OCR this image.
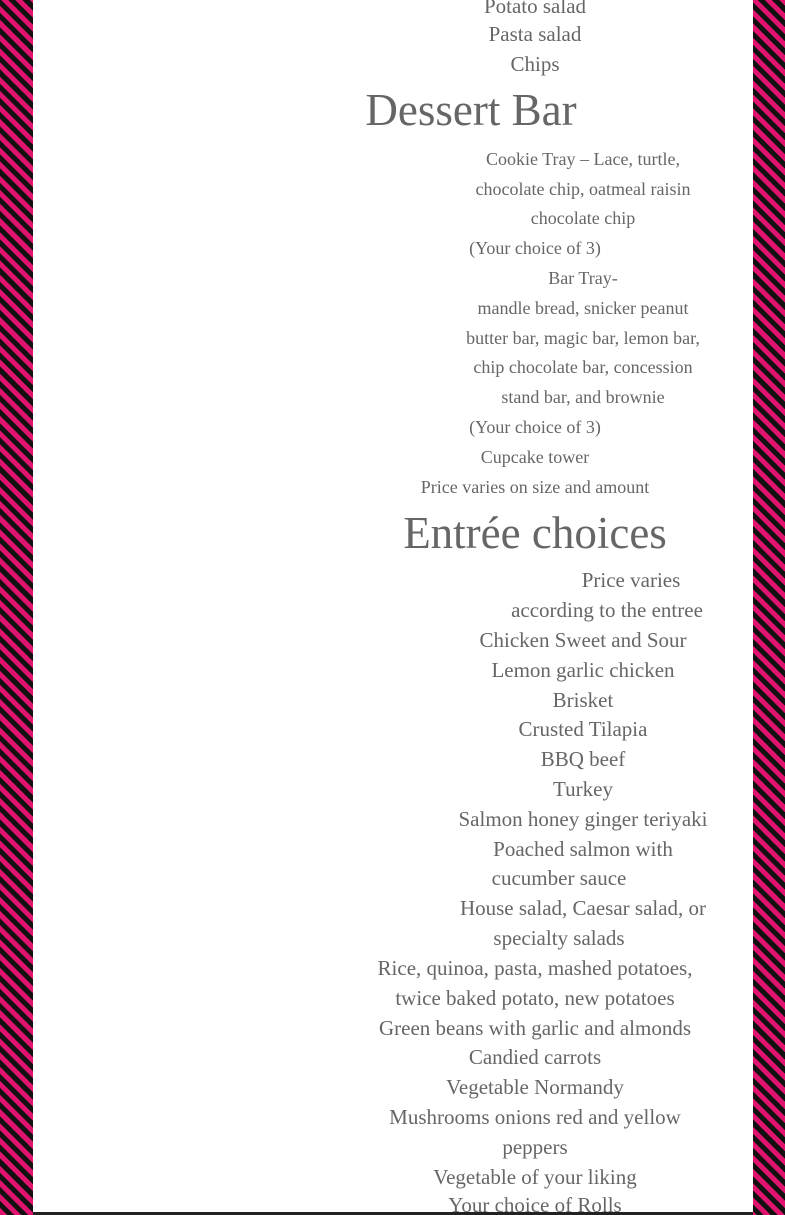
Potato salad
Pasta salad
Chips
Dessert Bar
Cookie Tray – Lace, turtle,
chocolate chip, oatmeal raisin
chocolate chip
(Your choice of 3)
Bar Tray-
mandle bread, snicker peanut
butter bar, magic bar, lemon bar,
chip chocolate bar, concession
stand bar, and brownie
(Your choice of 3)
Cupcake tower
Price varies on size and amount
Entrée choices
Price varies
according to the entree
Chicken Sweet and Sour
Lemon garlic chicken
Brisket
Crusted Tilapia
BBQ beef
Turkey
Salmon honey ginger teriyaki
Poached salmon with
cucumber sauce
House salad, Caesar salad, or
specialty salads
Rice, quinoa, pasta, mashed potatoes,
twice baked potato, new potatoes
Green beans with garlic and almonds
Candied carrots
Vegetable Normandy
Mushrooms onions red and yellow
peppers
Vegetable of your liking
Your choice of Rolls
